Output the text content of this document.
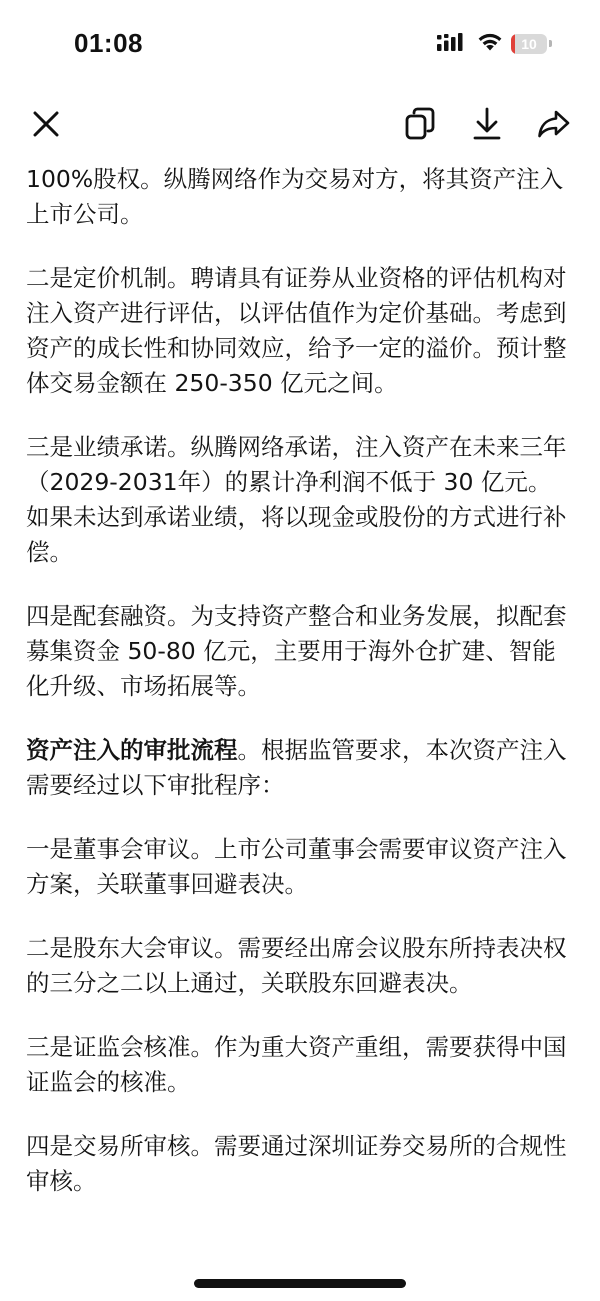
01:08	10

100%股权。纵腾网络作为交易对方，将其资产注入上市公司。

二是定价机制。聘请具有证券从业资格的评估机构对注入资产进行评估，以评估值作为定价基础。考虑到资产的成长性和协同效应，给予一定的溢价。预计整体交易金额在 250-350 亿元之间。

三是业绩承诺。纵腾网络承诺，注入资产在未来三年（2029-2031年）的累计净利润不低于 30 亿元。如果未达到承诺业绩，将以现金或股份的方式进行补偿。

四是配套融资。为支持资产整合和业务发展，拟配套募集资金 50-80 亿元，主要用于海外仓扩建、智能化升级、市场拓展等。

资产注入的审批流程。根据监管要求，本次资产注入需要经过以下审批程序：

一是董事会审议。上市公司董事会需要审议资产注入方案，关联董事回避表决。

二是股东大会审议。需要经出席会议股东所持表决权的三分之二以上通过，关联股东回避表决。

三是证监会核准。作为重大资产重组，需要获得中国证监会的核准。

四是交易所审核。需要通过深圳证券交易所的合规性审核。
